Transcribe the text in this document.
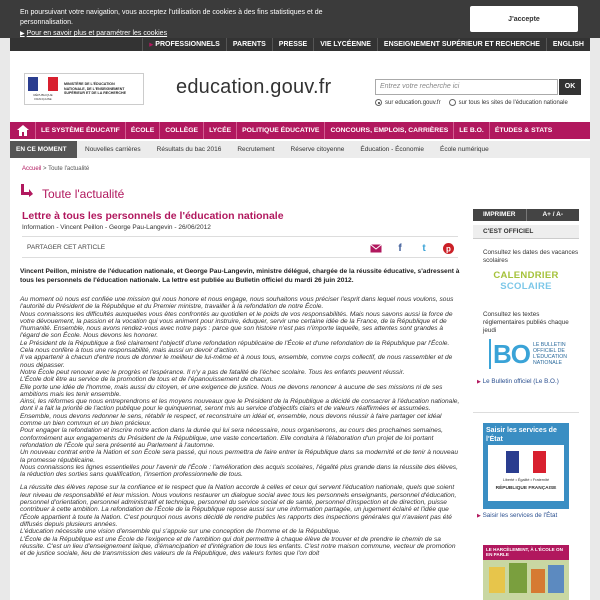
En poursuivant votre navigation, vous acceptez l'utilisation de cookies à des fins statistiques et de personnalisation.
▶ Pour en savoir plus et paramétrer les cookies
J'accepte
▶ PROFESSIONNELS	PARENTS	PRESSE	VIE LYCÉENNE	ENSEIGNEMENT SUPÉRIEUR ET RECHERCHE	ENGLISH
RÉPUBLIQUE FRANÇAISE
MINISTÈRE DE L'ÉDUCATION NATIONALE, DE L'ENSEIGNEMENT SUPÉRIEUR ET DE LA RECHERCHE	education.gouv.fr	Entrez votre recherche ici	OK
sur education.gouv.fr	sur tous les sites de l'éducation nationale
LE SYSTÈME ÉDUCATIF	ÉCOLE	COLLÈGE	LYCÉE	POLITIQUE ÉDUCATIVE	CONCOURS, EMPLOIS, CARRIÈRES	LE B.O.	ÉTUDES & STATS
EN CE MOMENT	Nouvelles carrières	Résultats du bac 2016	Recrutement	Réserve citoyenne	Éducation - Économie	École numérique
Accueil > Toute l'actualité
Toute l'actualité
Lettre à tous les personnels de l'éducation nationale
Information - Vincent Peillon - George Pau-Langevin - 26/06/2012
PARTAGER CET ARTICLE	f	t	p
Vincent Peillon, ministre de l'éducation nationale, et George Pau-Langevin, ministre délégué, chargée de la réussite éducative, s'adressent à tous les personnels de l'éducation nationale. La lettre est publiée au Bulletin officiel du mardi 26 juin 2012.

Au moment où nous est confiée une mission qui nous honore et nous engage, nous souhaitons vous préciser l'esprit dans lequel nous voulons, sous l'autorité du Président de la République et du Premier ministre, travailler à la refondation de notre École.

Nous connaissons les difficultés auxquelles vous êtes confrontés au quotidien et le poids de vos responsabilités. Mais nous savons aussi la force de votre dévouement, la passion et la vocation qui vous animent pour instruire, éduquer, servir une certaine idée de la France, de la République et de l'humanité. Ensemble, nous avons rendez-vous avec notre pays : parce que son histoire n'est pas n'importe laquelle, ses attentes sont grandes à l'égard de son École. Nous devons les honorer.

Le Président de la République a fixé clairement l'objectif d'une refondation républicaine de l'École et d'une refondation de la République par l'École.

Cela nous confère à tous une responsabilité, mais aussi un devoir d'action.

Il va appartenir à chacun d'entre nous de donner le meilleur de lui-même et à nous tous, ensemble, comme corps collectif, de nous rassembler et de nous dépasser.

Notre École peut renouer avec le progrès et l'espérance. Il n'y a pas de fatalité de l'échec scolaire. Tous les enfants peuvent réussir.

L'École doit être au service de la promotion de tous et de l'épanouissement de chacun.

Elle porte une idée de l'homme, mais aussi du citoyen, et une exigence de justice. Nous ne devons renoncer à aucune de ses missions ni de ses ambitions mais les tenir ensemble.

Ainsi, les réformes que nous entreprendrons et les moyens nouveaux que le Président de la République a décidé de consacrer à l'éducation nationale, dont il a fait la priorité de l'action publique pour le quinquennat, seront mis au service d'objectifs clairs et de valeurs réaffirmées et assumées. Ensemble, nous devons redonner le sens, rétablir le respect, et reconstruire un idéal et, ensemble, nous devons réussir à faire partager cet idéal comme un bien commun et un bien précieux.

Pour engager la refondation et inscrire notre action dans la durée qui lui sera nécessaire, nous organiserons, au cours des prochaines semaines, conformément aux engagements du Président de la République, une vaste concertation. Elle conduira à l'élaboration d'un projet de loi portant refondation de l'École qui sera présenté au Parlement à l'automne.

Un nouveau contrat entre la Nation et son École sera passé, qui nous permettra de faire entrer la République dans sa modernité et de tenir à nouveau la promesse républicaine.

Nous connaissons les lignes essentielles pour l'avenir de l'École : l'amélioration des acquis scolaires, l'égalité plus grande dans la réussite des élèves, la réduction des sorties sans qualification, l'insertion professionnelle de tous.

La réussite des élèves repose sur la confiance et le respect que la Nation accorde à celles et ceux qui servent l'éducation nationale, quels que soient leur niveau de responsabilité et leur mission. Nous voulons restaurer un dialogue social avec tous les personnels enseignants, personnel d'éducation, personnel d'orientation, personnel administratif et technique, personnel du service social et de santé, personnel d'inspection et de direction, puisse contribuer à cette ambition. La refondation de l'École de la République repose aussi sur une information partagée, un jugement éclairé et l'idée que l'École appartient à toute la Nation. C'est pourquoi nous avons décidé de rendre publics les rapports des inspections générales qui n'avaient pas été diffusés depuis plusieurs années.

L'éducation nécessite une vision d'ensemble qui s'appuie sur une conception de l'homme et de la République.

L'École de la République est une École de l'exigence et de l'ambition qui doit permettre à chaque élève de trouver et de prendre le chemin de sa réussite. C'est un lieu d'enseignement laïque, d'émancipation et d'intégration de tous les enfants. C'est notre maison commune, vecteur de promotion et de justice sociale, lieu de transmission des valeurs de la République, des valeurs fortes que l'on doit

IMPRIMER	A+ / A-
C'EST OFFICIEL
Consultez les dates des vacances scolaires
CALENDRIER
SCOLAIRE
Consultez les textes réglementaires publiés chaque jeudi
BO LE BULLETIN OFFICIEL DE L'ÉDUCATION NATIONALE
▶ Le Bulletin officiel (Le B.O.)
Saisir les services de l'État
Liberté • Égalité • Fraternité
RÉPUBLIQUE FRANÇAISE
▶ Saisir les services de l'État
LE HARCÈLEMENT, À L'ÉCOLE ON EN PARLE
